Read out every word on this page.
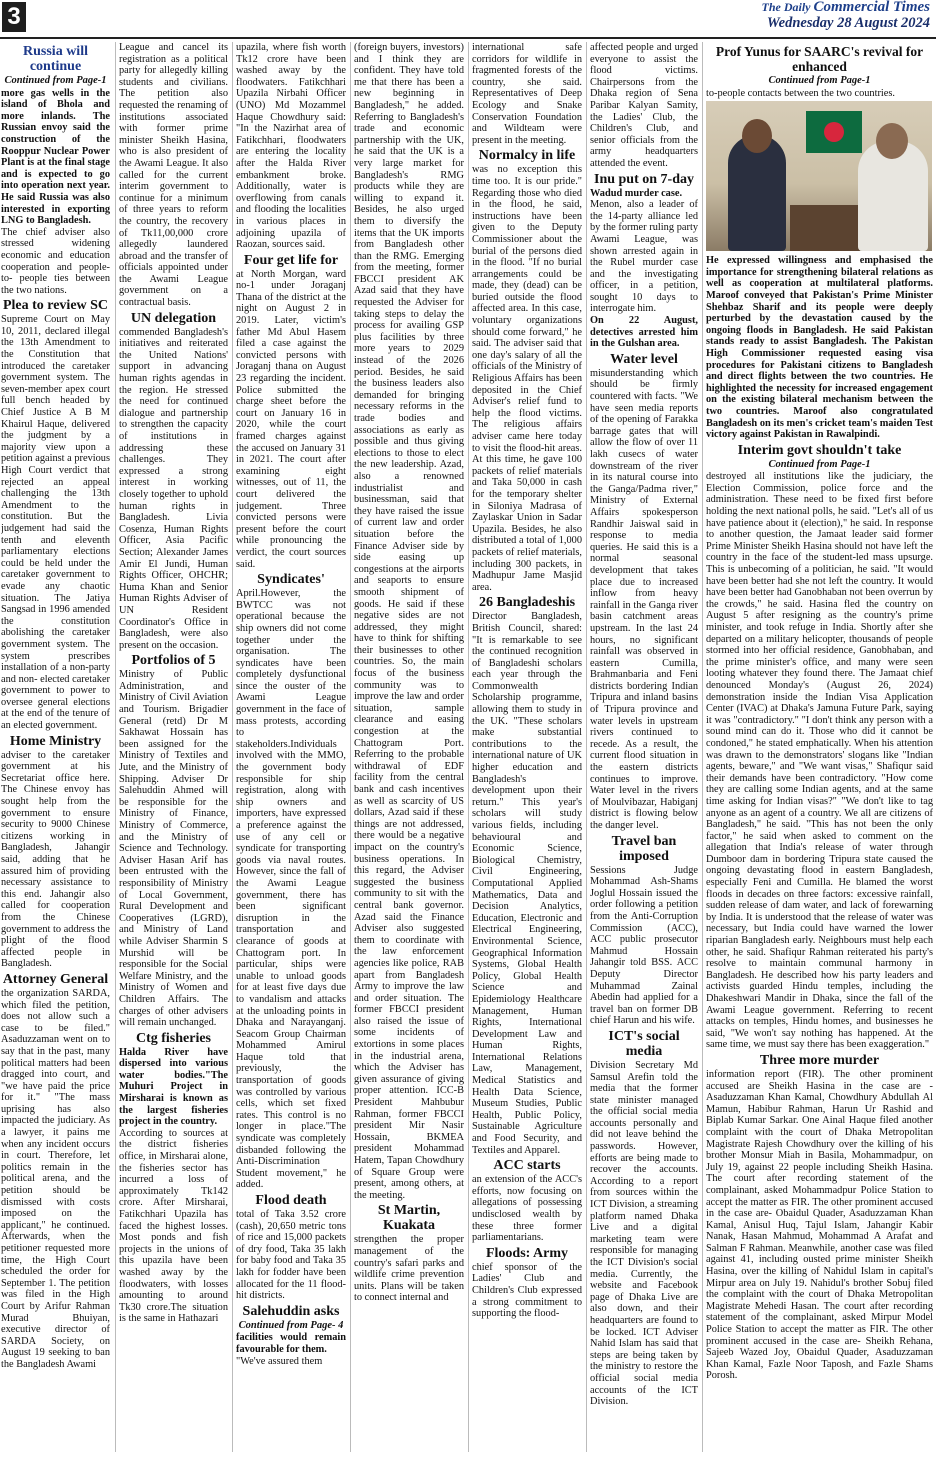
3	The Daily Commercial Times
Wednesday 28 August 2024
Russia will continue
Continued from Page-1

more gas wells in the island of Bhola and more inlands. The Russian envoy said the construction of the Rooppur Nuclear Power Plant is at the final stage and is expected to go into operation next year. He said Russia was also interested in exporting LNG to Bangladesh.

The chief adviser also stressed widening economic and education cooperation and people-to- people ties between the two nations.

Plea to review SC

Supreme Court on May 10, 2011, declared illegal the 13th Amendment to the Constitution that introduced the caretaker government system. The seven-member apex court full bench headed by Chief Justice A B M Khairul Haque, delivered the judgment by a majority view upon a petition against a previous High Court verdict that rejected an appeal challenging the 13th Amendment to the constitution. But the judgement had said the tenth and eleventh parliamentary elections could be held under the caretaker government to evade any chaotic situation. The Jatiya Sangsad in 1996 amended the constitution abolishing the caretaker government system. The system prescribes installation of a non-party and non- elected caretaker government to power to oversee general elections at the end of the tenure of an elected government.

Home Ministry

adviser to the caretaker government at his Secretariat office here. The Chinese envoy has sought help from the government to ensure security to 9000 Chinese citizens working in Bangladesh, Jahangir said, adding that he assured him of providing necessary assistance to this end. Jahangir also called for cooperation from the Chinese government to address the plight of the flood affected people in Bangladesh.

Attorney General

the organization SARDA, which filed the petition, does not allow such a case to be filed." Asaduzzaman went on to say that in the past, many political matters had been dragged into court, and "we have paid the price for it." "The mass uprising has also impacted the judiciary. As a lawyer, it pains me when any incident occurs in court. Therefore, let politics remain in the political arena, and the petition should be dismissed with costs imposed on the applicant," he continued. Afterwards, when the petitioner requested more time, the High Court scheduled the order for September 1. The petition was filed in the High Court by Arifur Rahman Murad Bhuiyan, executive director of SARDA Society, on August 19 seeking to ban the Bangladesh Awami

League and cancel its registration as a political party for allegedly killing students and civilians. The petition also requested the renaming of institutions associated with former prime minister Sheikh Hasina, who is also president of the Awami League. It also called for the current interim government to continue for a minimum of three years to reform the country, the recovery of Tk11,00,000 crore allegedly laundered abroad and the transfer of officials appointed under the Awami League government on a contractual basis.

UN delegation

commended Bangladesh's initiatives and reiterated the United Nations' support in advancing human rights agendas in the region. He stressed the need for continued dialogue and partnership to strengthen the capacity of institutions in addressing these challenges. They expressed a strong interest in working closely together to uphold human rights in Bangladesh. Livia Cosenza, Human Rights Officer, Asia Pacific Section; Alexander James Amir El Jundi, Human Rights Officer, OHCHR; Huma Khan and Senior Human Rights Adviser of UN Resident Coordinator's Office in Bangladesh, were also present on the occasion.

Portfolios of 5

Ministry of Public Administration, and Ministry of Civil Aviation and Tourism. Brigadier General (retd) Dr M Sakhawat Hossain has been assigned for the Ministry of Textiles and Jute, and the Ministry of Shipping. Adviser Dr Salehuddin Ahmed will be responsible for the Ministry of Finance, Ministry of Commerce, and the Ministry of Science and Technology. Adviser Hasan Arif has been entrusted with the responsibility of Ministry of Local Government, Rural Development and Cooperatives (LGRD), and Ministry of Land while Adviser Sharmin S Murshid will be responsible for the Social Welfare Ministry, and the Ministry of Women and Children Affairs. The charges of other advisers will remain unchanged.

Ctg fisheries

Halda River have dispersed into various water bodies."The Muhuri Project in Mirsharai is known as the largest fisheries project in the country.

According to sources at the district fisheries office, in Mirsharai alone, the fisheries sector has incurred a loss of approximately Tk142 crore. After Mirsharai, Fatikchhari Upazila has faced the highest losses. Most ponds and fish projects in the unions of this upazila have been washed away by the floodwaters, with losses amounting to around Tk30 crore.The situation is the same in Hathazari

upazila, where fish worth Tk12 crore have been washed away by the floodwaters. Fatikchhari Upazila Nirbahi Officer (UNO) Md Mozammel Haque Chowdhury said: "In the Nazirhat area of Fatikchhari, floodwaters are entering the locality after the Halda River embankment broke. Additionally, water is overflowing from canals and flooding the localities in various places in adjoining upazila of Raozan, sources said.

Four get life for

at North Morgan, ward no-1 under Joraganj Thana of the district at the night on August 2 in 2019. Later, victim's father Md Abul Hasem filed a case against the convicted persons with Joraganj thana on August 23 regarding the incident. Police submitted the charge sheet before the court on January 16 in 2020, while the court framed charges against the accused on January 31 in 2021. The court after examining eight witnesses, out of 11, the court delivered the judgement. Three convicted persons were present before the court while pronouncing the verdict, the court sources said.

Syndicates'

April.However, the BWTCC was not operational because the ship owners did not come together under the organisation. The syndicates have been completely dysfunctional since the ouster of the Awami League government in the face of mass protests, according to stakeholders.Individuals involved with the MMO, the government body responsible for ship registration, along with ship owners and importers, have expressed a preference against the use of any cell or syndicate for transporting goods via naval routes. However, since the fall of the Awami League government, there has been significant disruption in the transportation and clearance of goods at Chattogram port. In particular, ships were unable to unload goods for at least five days due to vandalism and attacks at the unloading points in Dhaka and Narayanganj. Seacom Group Chairman Mohammed Amirul Haque told that previously, the transportation of goods was controlled by various cells, which set fixed rates. This control is no longer in place."The syndicate was completely disbanded following the Anti-Discrimination Student movement," he added.

Flood death

total of Taka 3.52 crore (cash), 20,650 metric tons of rice and 15,000 packets of dry food, Taka 35 lakh for baby food and Taka 35 lakh for fodder have been allocated for the 11 flood-hit districts.

Salehuddin asks
Continued from Page- 4

facilities would remain favourable for them.

"We've assured them

(foreign buyers, investors) and I think they are confident. They have told me that there has been a new beginning in Bangladesh," he added. Referring to Bangladesh's trade and economic partnership with the UK, he said that the UK is a very large market for Bangladesh's RMG products while they are willing to expand it. Besides, he also urged them to diversify the items that the UK imports from Bangladesh other than the RMG. Emerging from the meeting, former FBCCI president AK Azad said that they have requested the Adviser for taking steps to delay the process for availing GSP plus facilities by three more years to 2029 instead of the 2026 period. Besides, he said the business leaders also demanded for bringing necessary reforms in the trade bodies and associations as early as possible and thus giving elections to those to elect the new leadership. Azad, also a renowned industrialist and businessman, said that they have raised the issue of current law and order situation before the Finance Adviser side by side easing up congestions at the airports and seaports to ensure smooth shipment of goods. He said if these negative sides are not addressed, they might have to think for shifting their businesses to other countries. So, the main focus of the business community was to improve the law and order situation, sample clearance and easing congestion at the Chattogram Port. Referring to the probable withdrawal of EDF facility from the central bank and cash incentives as well as scarcity of US dollars, Azad said if these things are not addressed, there would be a negative impact on the country's business operations. In this regard, the Adviser suggested the business community to sit with the central bank governor. Azad said the Finance Adviser also suggested them to coordinate with the law enforcement agencies like police, RAB apart from Bangladesh Army to improve the law and order situation. The former FBCCI president also raised the issue of some incidents of extortions in some places in the industrial arena, which the Adviser has given assurance of giving proper attention. ICC-B President Mahbubur Rahman, former FBCCI president Mir Nasir Hossain, BKMEA president Mohammad Hatem, Tapan Chowdhury of Square Group were present, among others, at the meeting.

St Martin, Kuakata

strengthen the proper management of the country's safari parks and wildlife crime prevention units. Plans will be taken to connect internal and

international safe corridors for wildlife in fragmented forests of the country, she said. Representatives of Deep Ecology and Snake Conservation Foundation and Wildteam were present in the meeting.

Normalcy in life

was no exception this time too. It is our pride." Regarding those who died in the flood, he said, instructions have been given to the Deputy Commissioner about the burial of the persons died in the flood. "If no burial arrangements could be made, they (dead) can be buried outside the flood affected area. In this case, voluntary organizations should come forward," he said. The adviser said that one day's salary of all the officials of the Ministry of Religious Affairs has been deposited in the Chief Adviser's relief fund to help the flood victims. The religious affairs adviser came here today to visit the flood-hit areas. At this time, he gave 100 packets of relief materials and Taka 50,000 in cash for the temporary shelter in Siloniya Madrasa of Zaylaskar Union in Sadar Upazila. Besides, he also distributed a total of 1,000 packets of relief materials, including 300 packets, in Madhupur Jame Masjid area.

26 Bangladeshis

Director Bangladesh, British Council, shared: "It is remarkable to see the continued recognition of Bangladeshi scholars each year through the Commonwealth Scholarship programme, allowing them to study in the UK. "These scholars make substantial contributions to the international nature of UK higher education and Bangladesh's development upon their return." This year's scholars will study various fields, including behavioural and Economic Science, Biological Chemistry, Civil Engineering, Computational Applied Mathematics, Data and Decision Analytics, Education, Electronic and Electrical Engineering, Environmental Science, Geographical Information Systems, Global Health Policy, Global Health Science and Epidemiology Healthcare Management, Human Rights, International Development Law and Human Rights, International Relations Law, Management, Medical Statistics and Health Data Science, Museum Studies, Public Health, Public Policy, Sustainable Agriculture and Food Security, and Textiles and Apparel.

ACC starts

an extension of the ACC's efforts, now focusing on allegations of possessing undisclosed wealth by these three former parliamentarians.

Floods: Army

chief sponsor of the Ladies' Club and Children's Club expressed a strong commitment to supporting the flood-

affected people and urged everyone to assist the flood victims. Chairpersons from the Dhaka region of Sena Paribar Kalyan Samity, the Ladies' Club, the Children's Club, and senior officials from the army headquarters attended the event.

Inu put on 7-day

Wadud murder case.

Menon, also a leader of the 14-party alliance led by the former ruling party Awami League, was shown arrested again in the Rubel murder case and the investigating officer, in a petition, sought 10 days to interrogate him.

On 22 August, detectives arrested him in the Gulshan area.

Water level

misunderstanding which should be firmly countered with facts. "We have seen media reports of the opening of Farakka barrage gates that will allow the flow of over 11 lakh cusecs of water downstream of the river in its natural course into the Ganga/Padma river," Ministry of External Affairs spokesperson Randhir Jaiswal said in response to media queries. He said this is a normal seasonal development that takes place due to increased inflow from heavy rainfall in the Ganga river basin catchment areas upstream. In the last 24 hours, no significant rainfall was observed in eastern Cumilla, Brahmanbaria and Feni districts bordering Indian Tripura and inland basins of Tripura province and water levels in upstream rivers continued to recede. As a result, the current flood situation in the eastern districts continues to improve. Water level in the rivers of Moulvibazar, Habiganj district is flowing below the danger level.

Travel ban imposed

Sessions Judge Mohammad Ash-Shams Joglul Hossain issued the order following a petition from the Anti-Corruption Commission (ACC), ACC public prosecutor Mahmud Hossain Jahangir told BSS. ACC Deputy Director Muhammad Zainal Abedin had applied for a travel ban on former DB chief Harun and his wife.

ICT's social media

Division Secretary Md Samsul Arefin told the media that the former state minister managed the official social media accounts personally and did not leave behind the passwords. However, efforts are being made to recover the accounts. According to a report from sources within the ICT Division, a streaming platform named Dhaka Live and a digital marketing team were responsible for managing the ICT Division's social media. Currently, the website and Facebook page of Dhaka Live are also down, and their headquarters are found to be locked. ICT Adviser Nahid Islam has said that steps are being taken by the ministry to restore the official social media accounts of the ICT Division.

Prof Yunus for SAARC's revival for enhanced
Continued from Page-1

to-people contacts between the two countries.

He expressed willingness and emphasised the importance for strengthening bilateral relations as well as cooperation at multilateral platforms. Maroof conveyed that Pakistan's Prime Minister Shehbaz Sharif and its people were deeply perturbed by the devastation caused by the ongoing floods in Bangladesh. He said Pakistan stands ready to assist Bangladesh. The Pakistan High Commissioner requested easing visa procedures for Pakistani citizens to Bangladesh and direct flights between the two countries. He highlighted the necessity for increased engagement on the existing bilateral mechanism between the two countries. Maroof also congratulated Bangladesh on its men's cricket team's maiden Test victory against Pakistan in Rawalpindi.

Interim govt shouldn't take
Continued from Page-1

destroyed all institutions like the judiciary, the Election Commission, police force and the administration. These need to be fixed first before holding the next national polls, he said. "Let's all of us have patience about it (election)," he said. In response to another question, the Jamaat leader said former Prime Minister Sheikh Hasina should not have left the country in the face of the student-led mass upsurge. This is unbecoming of a politician, he said. "It would have been better had she not left the country. It would have been better had Ganobhaban not been overrun by the crowds," he said. Hasina fled the country on August 5 after resigning as the country's prime minister, and took refuge in India. Shortly after she departed on a military helicopter, thousands of people stormed into her official residence, Ganobhaban, and the prime minister's office, and many were seen looting whatever they found there. The Jamaat chief denounced Monday's (August 26, 2024) demonstration inside the Indian Visa Application Center (IVAC) at Dhaka's Jamuna Future Park, saying it was "contradictory." "I don't think any person with a sound mind can do it. Those who did it cannot be condoned," he stated emphatically. When his attention was drawn to the demonstrators' slogans like "Indian agents, beware," and "We want visas," Shafiqur said their demands have been contradictory. "How come they are calling some Indian agents, and at the same time asking for Indian visas?" "We don't like to tag anyone as an agent of a country. We all are citizens of Bangladesh," he said. "This has not been the only factor," he said when asked to comment on the allegation that India's release of water through Dumboor dam in bordering Tripura state caused the ongoing devastating flood in eastern Bangladesh, especially Feni and Cumilla. He blamed the worst floods in decades on three factors: excessive rainfall, sudden release of dam water, and lack of forewarning by India. It is understood that the release of water was necessary, but India could have warned the lower riparian Bangladesh early. Neighbours must help each other, he said. Shafiqur Rahman reiterated his party's resolve to maintain communal harmony in Bangladesh. He described how his party leaders and activists guarded Hindu temples, including the Dhakeshwari Mandir in Dhaka, since the fall of the Awami League government. Referring to recent attacks on temples, Hindu homes, and businesses he said, "We won't say nothing has happened. At the same time, we must say there has been exaggeration."

Three more murder

information report (FIR). The other prominent accused are Sheikh Hasina in the case are - Asaduzzaman Khan Kamal, Chowdhury Abdullah Al Mamun, Habibur Rahman, Harun Ur Rashid and Biplab Kumar Sarkar. One Ainal Haque filed another complaint with the court of Dhaka Metropolitan Magistrate Rajesh Chowdhury over the killing of his brother Monsur Miah in Basila, Mohammadpur, on July 19, against 22 people including Sheikh Hasina. The court after recording statement of the complainant, asked Mohammadpur Police Station to accept the matter as FIR. The other prominent accused in the case are- Obaidul Quader, Asaduzzaman Khan Kamal, Anisul Huq, Tajul Islam, Jahangir Kabir Nanak, Hasan Mahmud, Mohammad A Arafat and Salman F Rahman. Meanwhile, another case was filed against 41, including ousted prime minister Sheikh Hasina, over the killing of Nahidul Islam in capital's Mirpur area on July 19. Nahidul's brother Sobuj filed the complaint with the court of Dhaka Metropolitan Magistrate Mehedi Hasan. The court after recording statement of the complainant, asked Mirpur Model Police Station to accept the matter as FIR. The other prominent accused in the case are- Sheikh Rehana, Sajeeb Wazed Joy, Obaidul Quader, Asaduzzaman Khan Kamal, Fazle Noor Taposh, and Fazle Shams Porosh.
